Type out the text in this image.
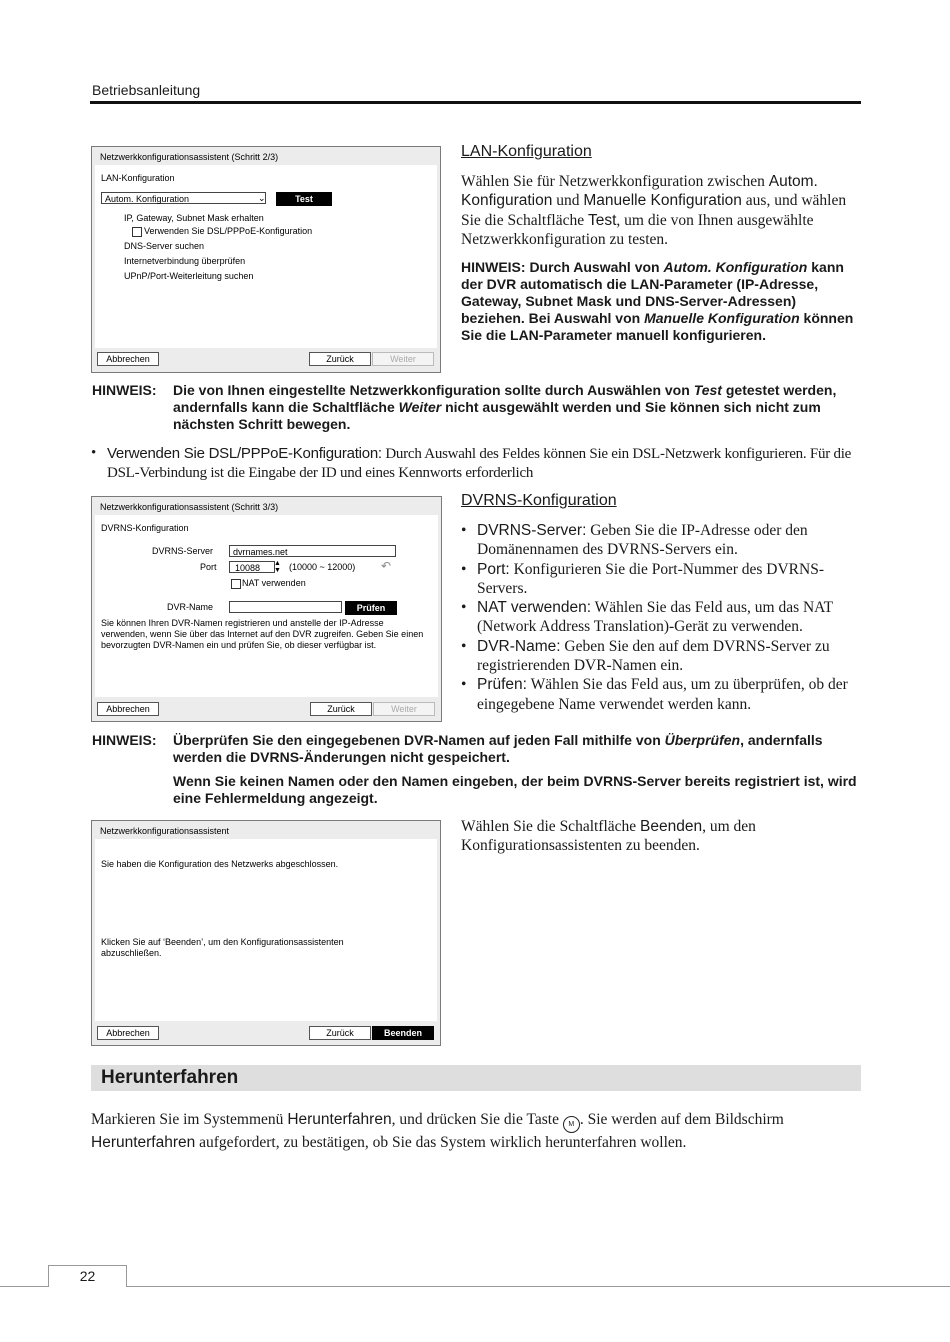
Betriebsanleitung
Netzwerkkonfigurationsassistent (Schritt 2/3)
LAN-Konfiguration
Autom. Konfiguration	⌄	Test
IP, Gateway, Subnet Mask erhalten
Verwenden Sie DSL/PPPoE-Konfiguration
DNS-Server suchen
Internetverbindung überprüfen
UPnP/Port-Weiterleitung suchen
Abbrechen	Zurück	Weiter
LAN-Konfiguration
Wählen Sie für Netzwerkkonfiguration zwischen Autom. Konfiguration und Manuelle Konfiguration aus, und wählen Sie die Schaltfläche Test, um die von Ihnen ausgewählte Netzwerkkonfiguration zu testen.
HINWEIS: Durch Auswahl von Autom. Konfiguration kann der DVR automatisch die LAN-Parameter (IP-Adresse, Gateway, Subnet Mask und DNS-Server-Adressen) beziehen. Bei Auswahl von Manuelle Konfiguration können Sie die LAN-Parameter manuell konfigurieren.
HINWEIS: Die von Ihnen eingestellte Netzwerkkonfiguration sollte durch Auswählen von Test getestet werden, andernfalls kann die Schaltfläche Weiter nicht ausgewählt werden und Sie können sich nicht zum nächsten Schritt bewegen.
• Verwenden Sie DSL/PPPoE-Konfiguration: Durch Auswahl des Feldes können Sie ein DSL-Netzwerk konfigurieren. Für die DSL-Verbindung ist die Eingabe der ID und eines Kennworts erforderlich
Netzwerkkonfigurationsassistent (Schritt 3/3)
DVRNS-Konfiguration
DVRNS-Server	dvrnames.net
Port	10088	▲
▼ (10000 ~ 12000) ↶
NAT verwenden
DVR-Name	Prüfen
Sie können Ihren DVR-Namen registrieren und anstelle der IP-Adresse verwenden, wenn Sie über das Internet auf den DVR zugreifen. Geben Sie einen bevorzugten DVR-Namen ein und prüfen Sie, ob dieser verfügbar ist.
Abbrechen	Zurück	Weiter
DVRNS-Konfiguration
• DVRNS-Server: Geben Sie die IP-Adresse oder den Domänennamen des DVRNS-Servers ein.
• Port: Konfigurieren Sie die Port-Nummer des DVRNS-Servers.
• NAT verwenden: Wählen Sie das Feld aus, um das NAT (Network Address Translation)-Gerät zu verwenden.
• DVR-Name: Geben Sie den auf dem DVRNS-Server zu registrierenden DVR-Namen ein.
• Prüfen: Wählen Sie das Feld aus, um zu überprüfen, ob der eingegebene Name verwendet werden kann.
HINWEIS: Überprüfen Sie den eingegebenen DVR-Namen auf jeden Fall mithilfe von Überprüfen, andernfalls werden die DVRNS-Änderungen nicht gespeichert.
Wenn Sie keinen Namen oder den Namen eingeben, der beim DVRNS-Server bereits registriert ist, wird eine Fehlermeldung angezeigt.
Netzwerkkonfigurationsassistent
Sie haben die Konfiguration des Netzwerks abgeschlossen.
Klicken Sie auf ‘Beenden’, um den Konfigurationsassistenten abzuschließen.
Abbrechen	Zurück	Beenden
Wählen Sie die Schaltfläche Beenden, um den Konfigurationsassistenten zu beenden.
Herunterfahren
Markieren Sie im Systemmenü Herunterfahren, und drücken Sie die Taste M . Sie werden auf dem Bildschirm
Herunterfahren aufgefordert, zu bestätigen, ob Sie das System wirklich herunterfahren wollen.
22
